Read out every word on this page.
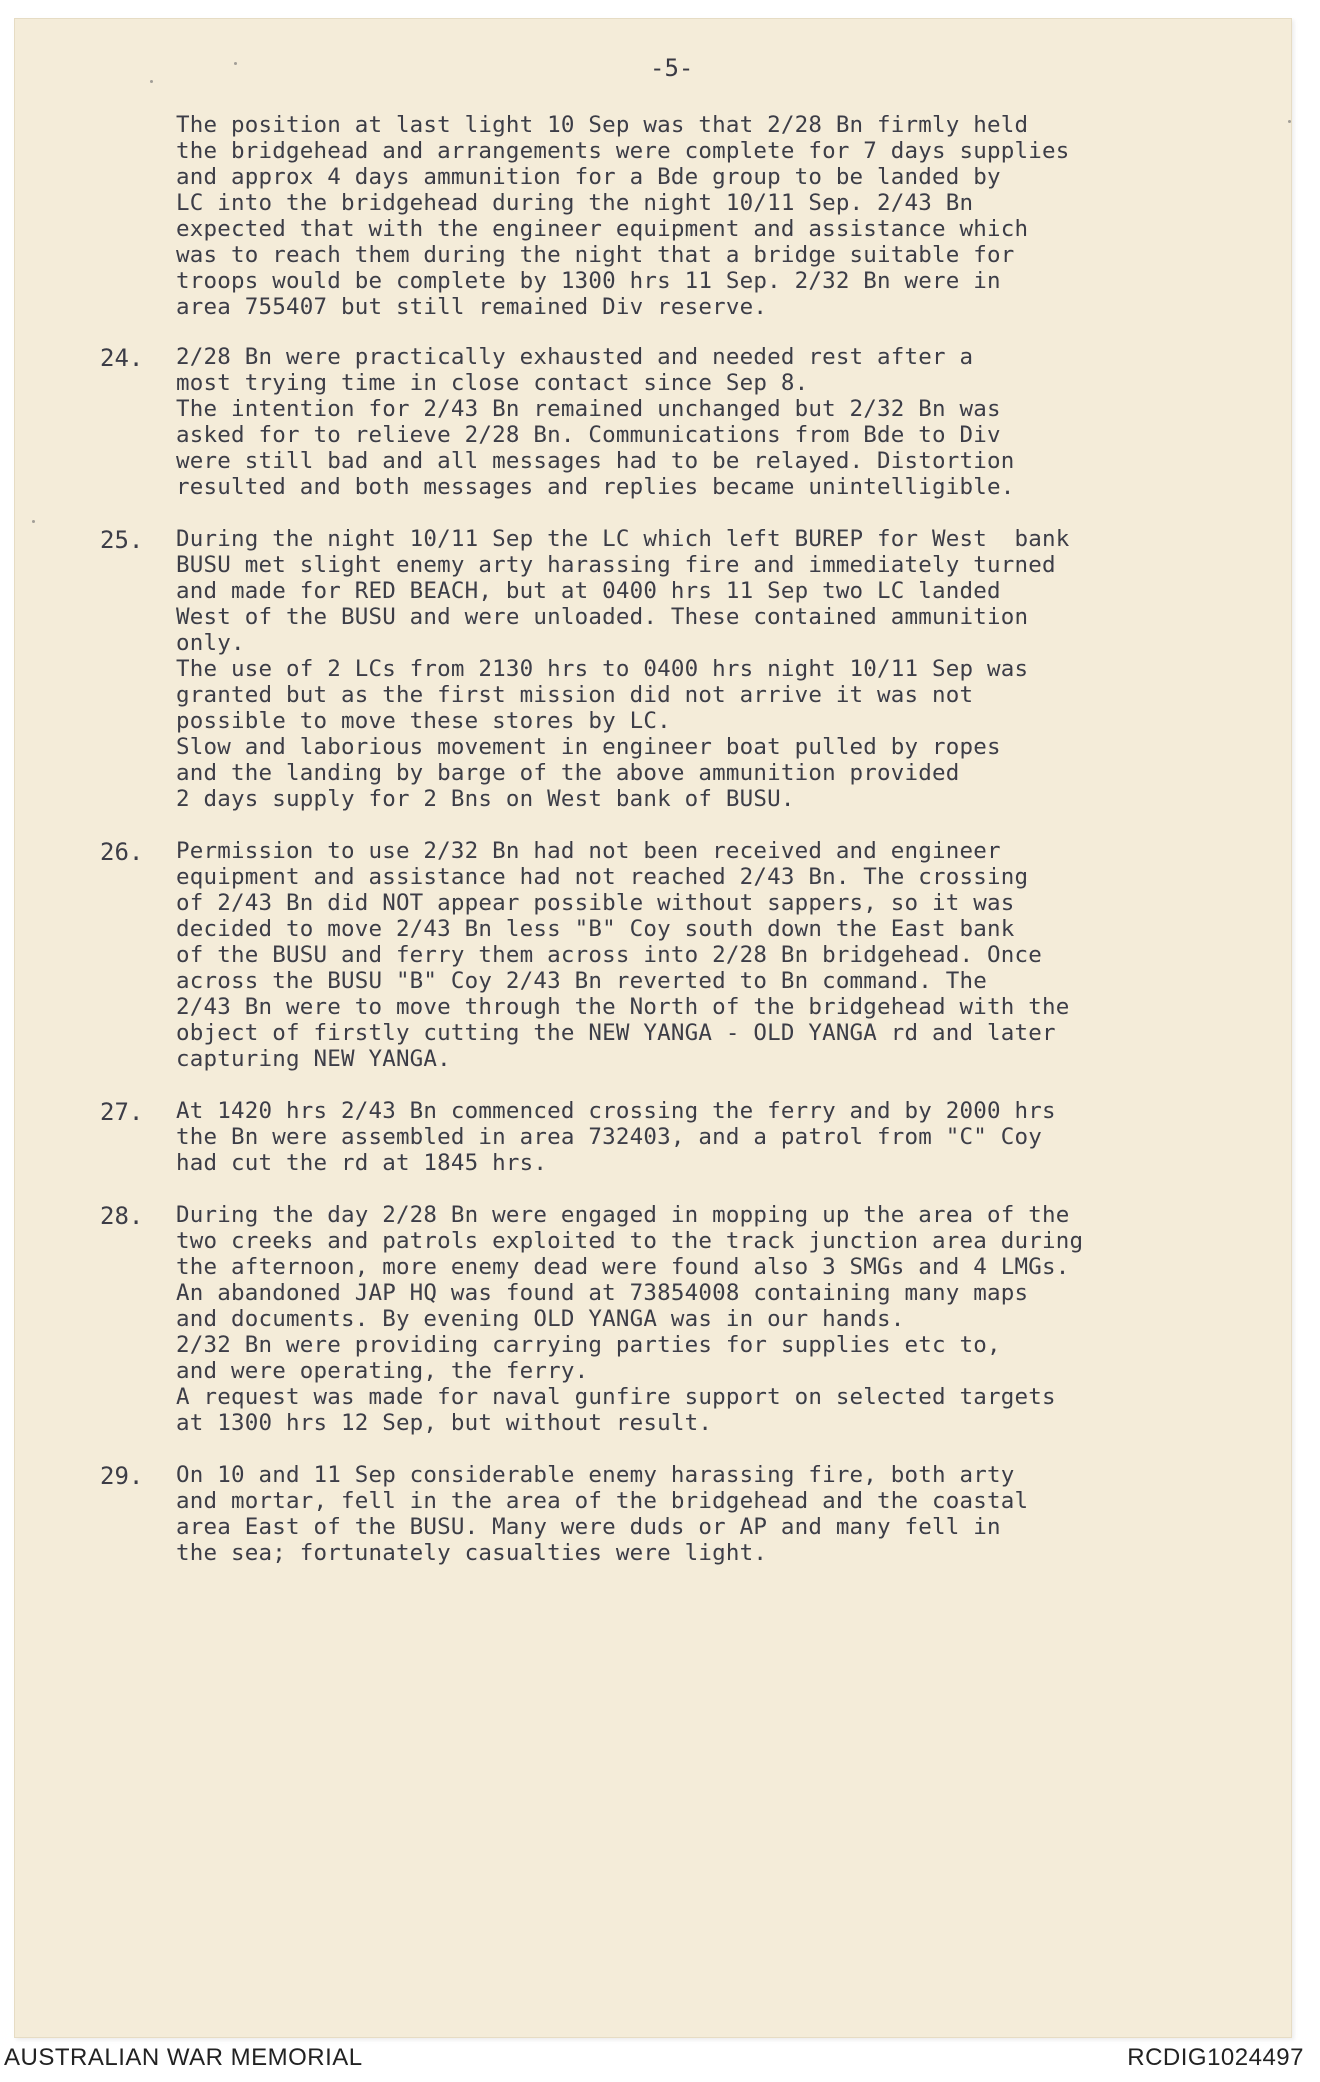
-5-
The position at last light 10 Sep was that 2/28 Bn firmly held
the bridgehead and arrangements were complete for 7 days supplies
and approx 4 days ammunition for a Bde group to be landed by
LC into the bridgehead during the night 10/11 Sep. 2/43 Bn
expected that with the engineer equipment and assistance which
was to reach them during the night that a bridge suitable for
troops would be complete by 1300 hrs 11 Sep. 2/32 Bn were in
area 755407 but still remained Div reserve.
24. 2/28 Bn were practically exhausted and needed rest after a
most trying time in close contact since Sep 8.
The intention for 2/43 Bn remained unchanged but 2/32 Bn was
asked for to relieve 2/28 Bn. Communications from Bde to Div
were still bad and all messages had to be relayed. Distortion
resulted and both messages and replies became unintelligible.
25. During the night 10/11 Sep the LC which left BUREP for West  bank
BUSU met slight enemy arty harassing fire and immediately turned
and made for RED BEACH, but at 0400 hrs 11 Sep two LC landed
West of the BUSU and were unloaded. These contained ammunition
only.
The use of 2 LCs from 2130 hrs to 0400 hrs night 10/11 Sep was
granted but as the first mission did not arrive it was not
possible to move these stores by LC.
Slow and laborious movement in engineer boat pulled by ropes
and the landing by barge of the above ammunition provided
2 days supply for 2 Bns on West bank of BUSU.
26. Permission to use 2/32 Bn had not been received and engineer
equipment and assistance had not reached 2/43 Bn. The crossing
of 2/43 Bn did NOT appear possible without sappers, so it was
decided to move 2/43 Bn less "B" Coy south down the East bank
of the BUSU and ferry them across into 2/28 Bn bridgehead. Once
across the BUSU "B" Coy 2/43 Bn reverted to Bn command. The
2/43 Bn were to move through the North of the bridgehead with the
object of firstly cutting the NEW YANGA - OLD YANGA rd and later
capturing NEW YANGA.
27. At 1420 hrs 2/43 Bn commenced crossing the ferry and by 2000 hrs
the Bn were assembled in area 732403, and a patrol from "C" Coy
had cut the rd at 1845 hrs.
28. During the day 2/28 Bn were engaged in mopping up the area of the
two creeks and patrols exploited to the track junction area during
the afternoon, more enemy dead were found also 3 SMGs and 4 LMGs.
An abandoned JAP HQ was found at 73854008 containing many maps
and documents. By evening OLD YANGA was in our hands.
2/32 Bn were providing carrying parties for supplies etc to,
and were operating, the ferry.
A request was made for naval gunfire support on selected targets
at 1300 hrs 12 Sep, but without result.
29. On 10 and 11 Sep considerable enemy harassing fire, both arty
and mortar, fell in the area of the bridgehead and the coastal
area East of the BUSU. Many were duds or AP and many fell in
the sea; fortunately casualties were light.
AUSTRALIAN WAR MEMORIAL	RCDIG1024497
